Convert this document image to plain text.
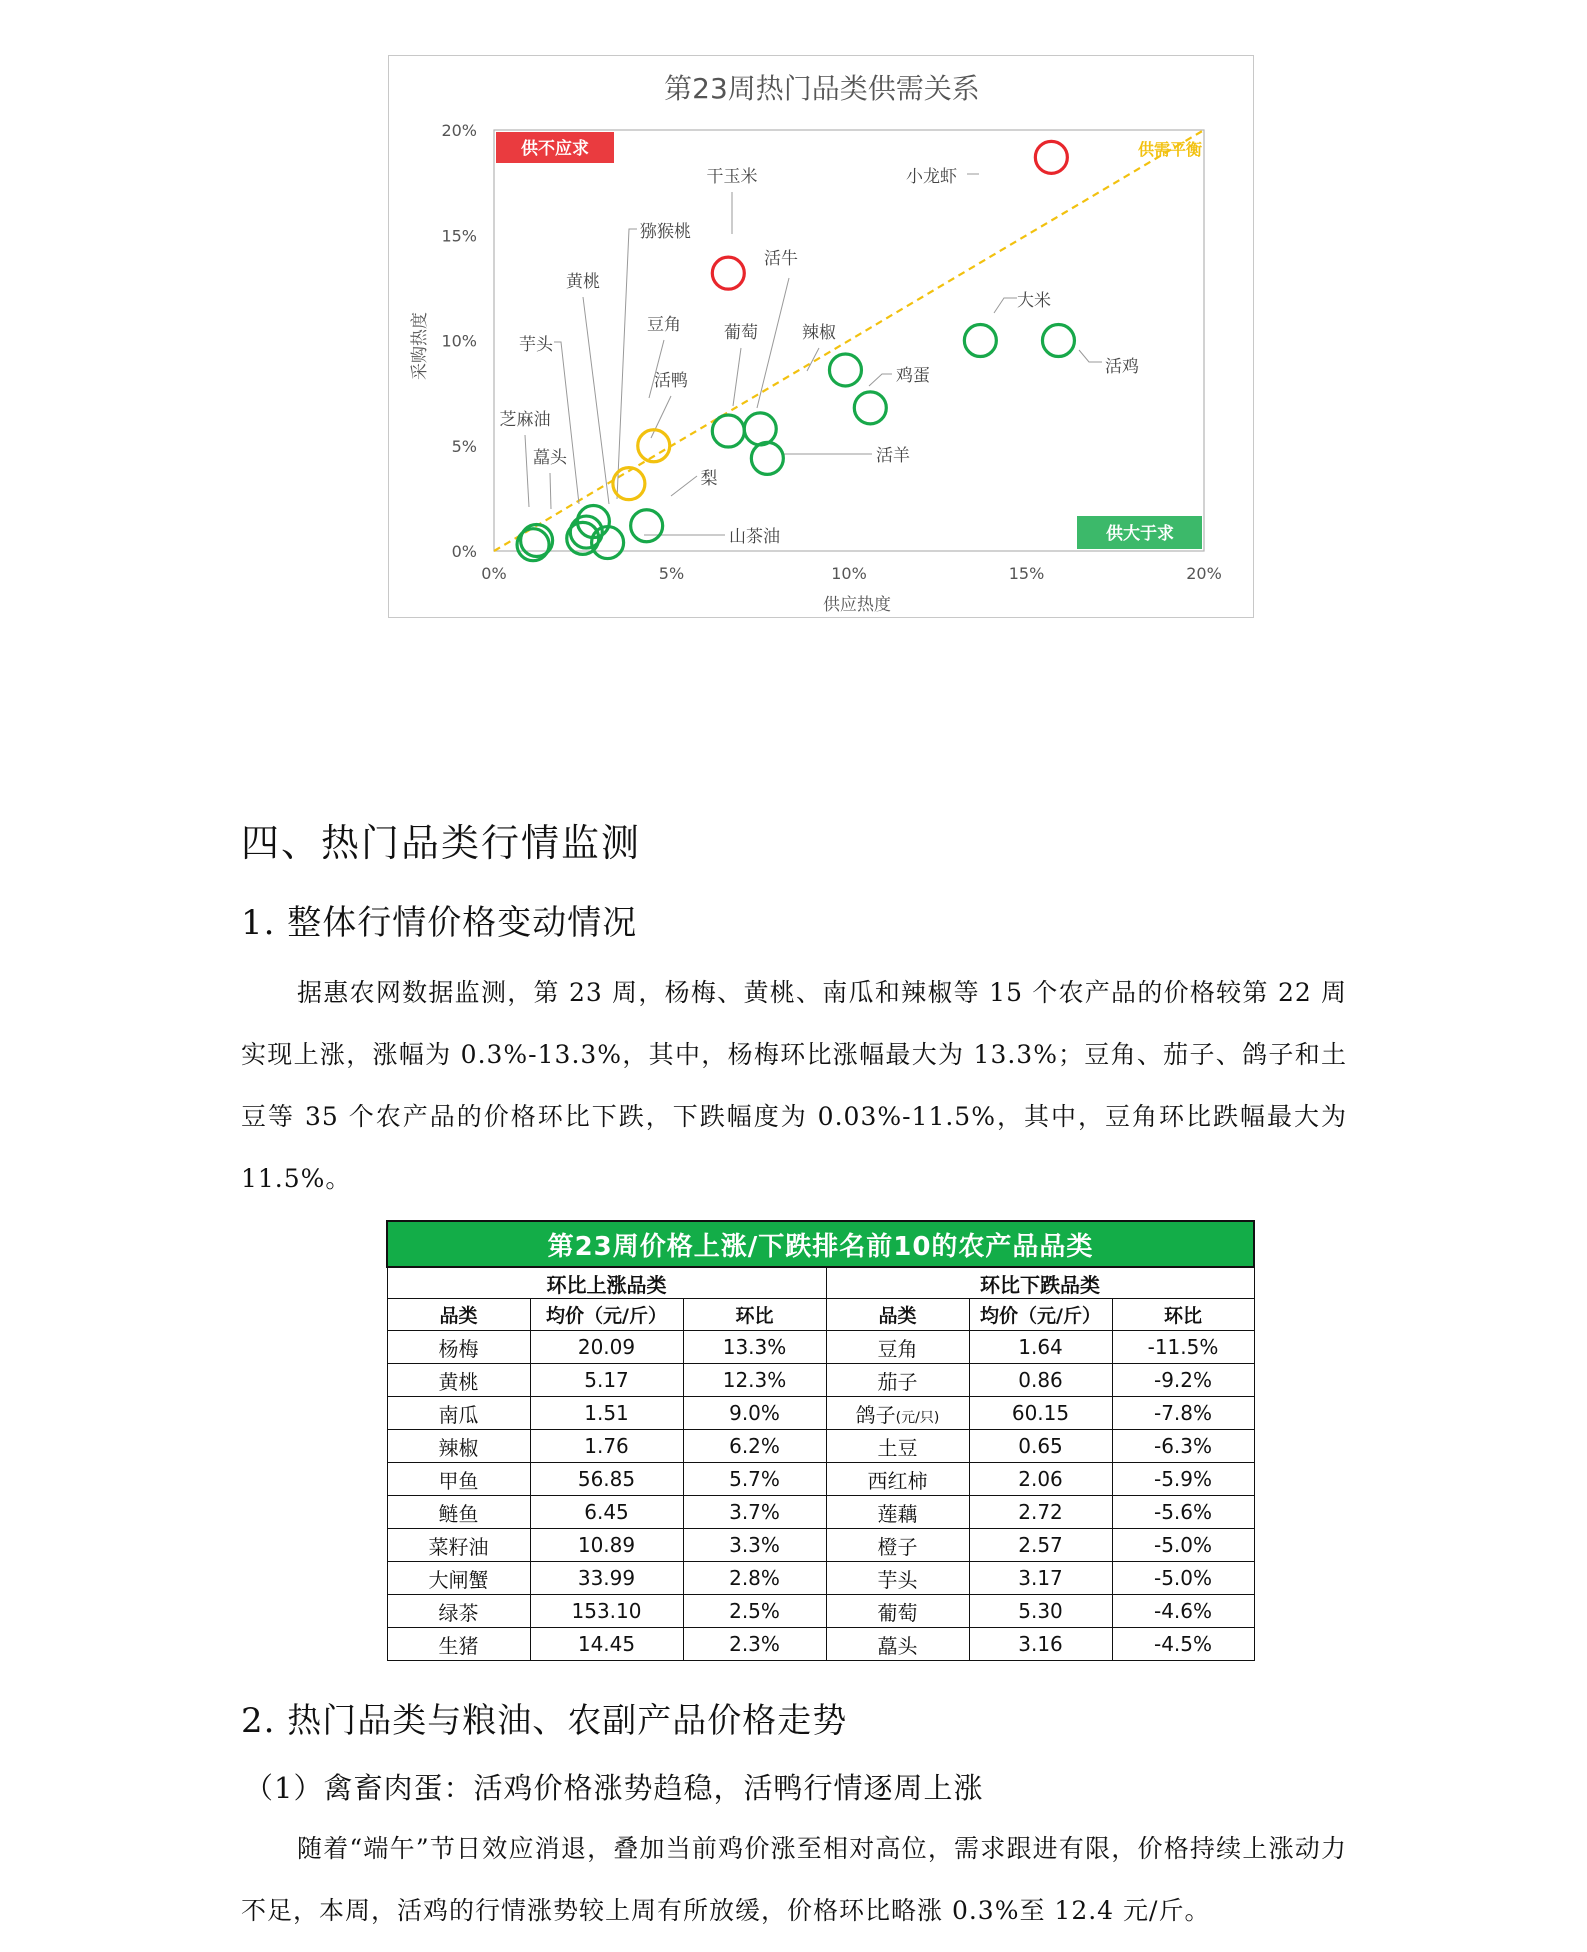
第23周热门品类供需关系
0%	5%	10%	15%	20%
0%
5%
10%
15%
20%
供需平衡
供不应求
供大于求
小龙虾
干玉米
大米
活鸡
辣椒
鸡蛋
葡萄
活牛
活羊
豆角
活鸭
梨
山茶油
猕猴桃
黄桃
芋头
芝麻油
藠头
供应热度
采购热度
四、热门品类行情监测
1. 整体行情价格变动情况

据惠农网数据监测，第 23 周，杨梅、黄桃、南瓜和辣椒等 15 个农产品的价格较第 22 周实现上涨，涨幅为 0.3%-13.3%，其中，杨梅环比涨幅最大为 13.3%；豆角、茄子、鸽子和土豆等 35 个农产品的价格环比下跌，下跌幅度为 0.03%-11.5%，其中，豆角环比跌幅最大为 11.5%。

第23周价格上涨/下跌排名前10的农产品品类					
环比上涨品类			环比下跌品类		
品类	均价（元/斤）	环比	品类	均价（元/斤）	环比
杨梅	20.09	13.3%	豆角	1.64	-11.5%
黄桃	5.17	12.3%	茄子	0.86	-9.2%
南瓜	1.51	9.0%	鸽子(元/只)	60.15	-7.8%
辣椒	1.76	6.2%	土豆	0.65	-6.3%
甲鱼	56.85	5.7%	西红柿	2.06	-5.9%
鲢鱼	6.45	3.7%	莲藕	2.72	-5.6%
菜籽油	10.89	3.3%	橙子	2.57	-5.0%
大闸蟹	33.99	2.8%	芋头	3.17	-5.0%
绿茶	153.10	2.5%	葡萄	5.30	-4.6%
生猪	14.45	2.3%	藠头	3.16	-4.5%
2. 热门品类与粮油、农副产品价格走势
（1）禽畜肉蛋：活鸡价格涨势趋稳，活鸭行情逐周上涨

随着“端午”节日效应消退，叠加当前鸡价涨至相对高位，需求跟进有限，价格持续上涨动力不足，本周，活鸡的行情涨势较上周有所放缓，价格环比略涨 0.3%至 12.4 元/斤。
